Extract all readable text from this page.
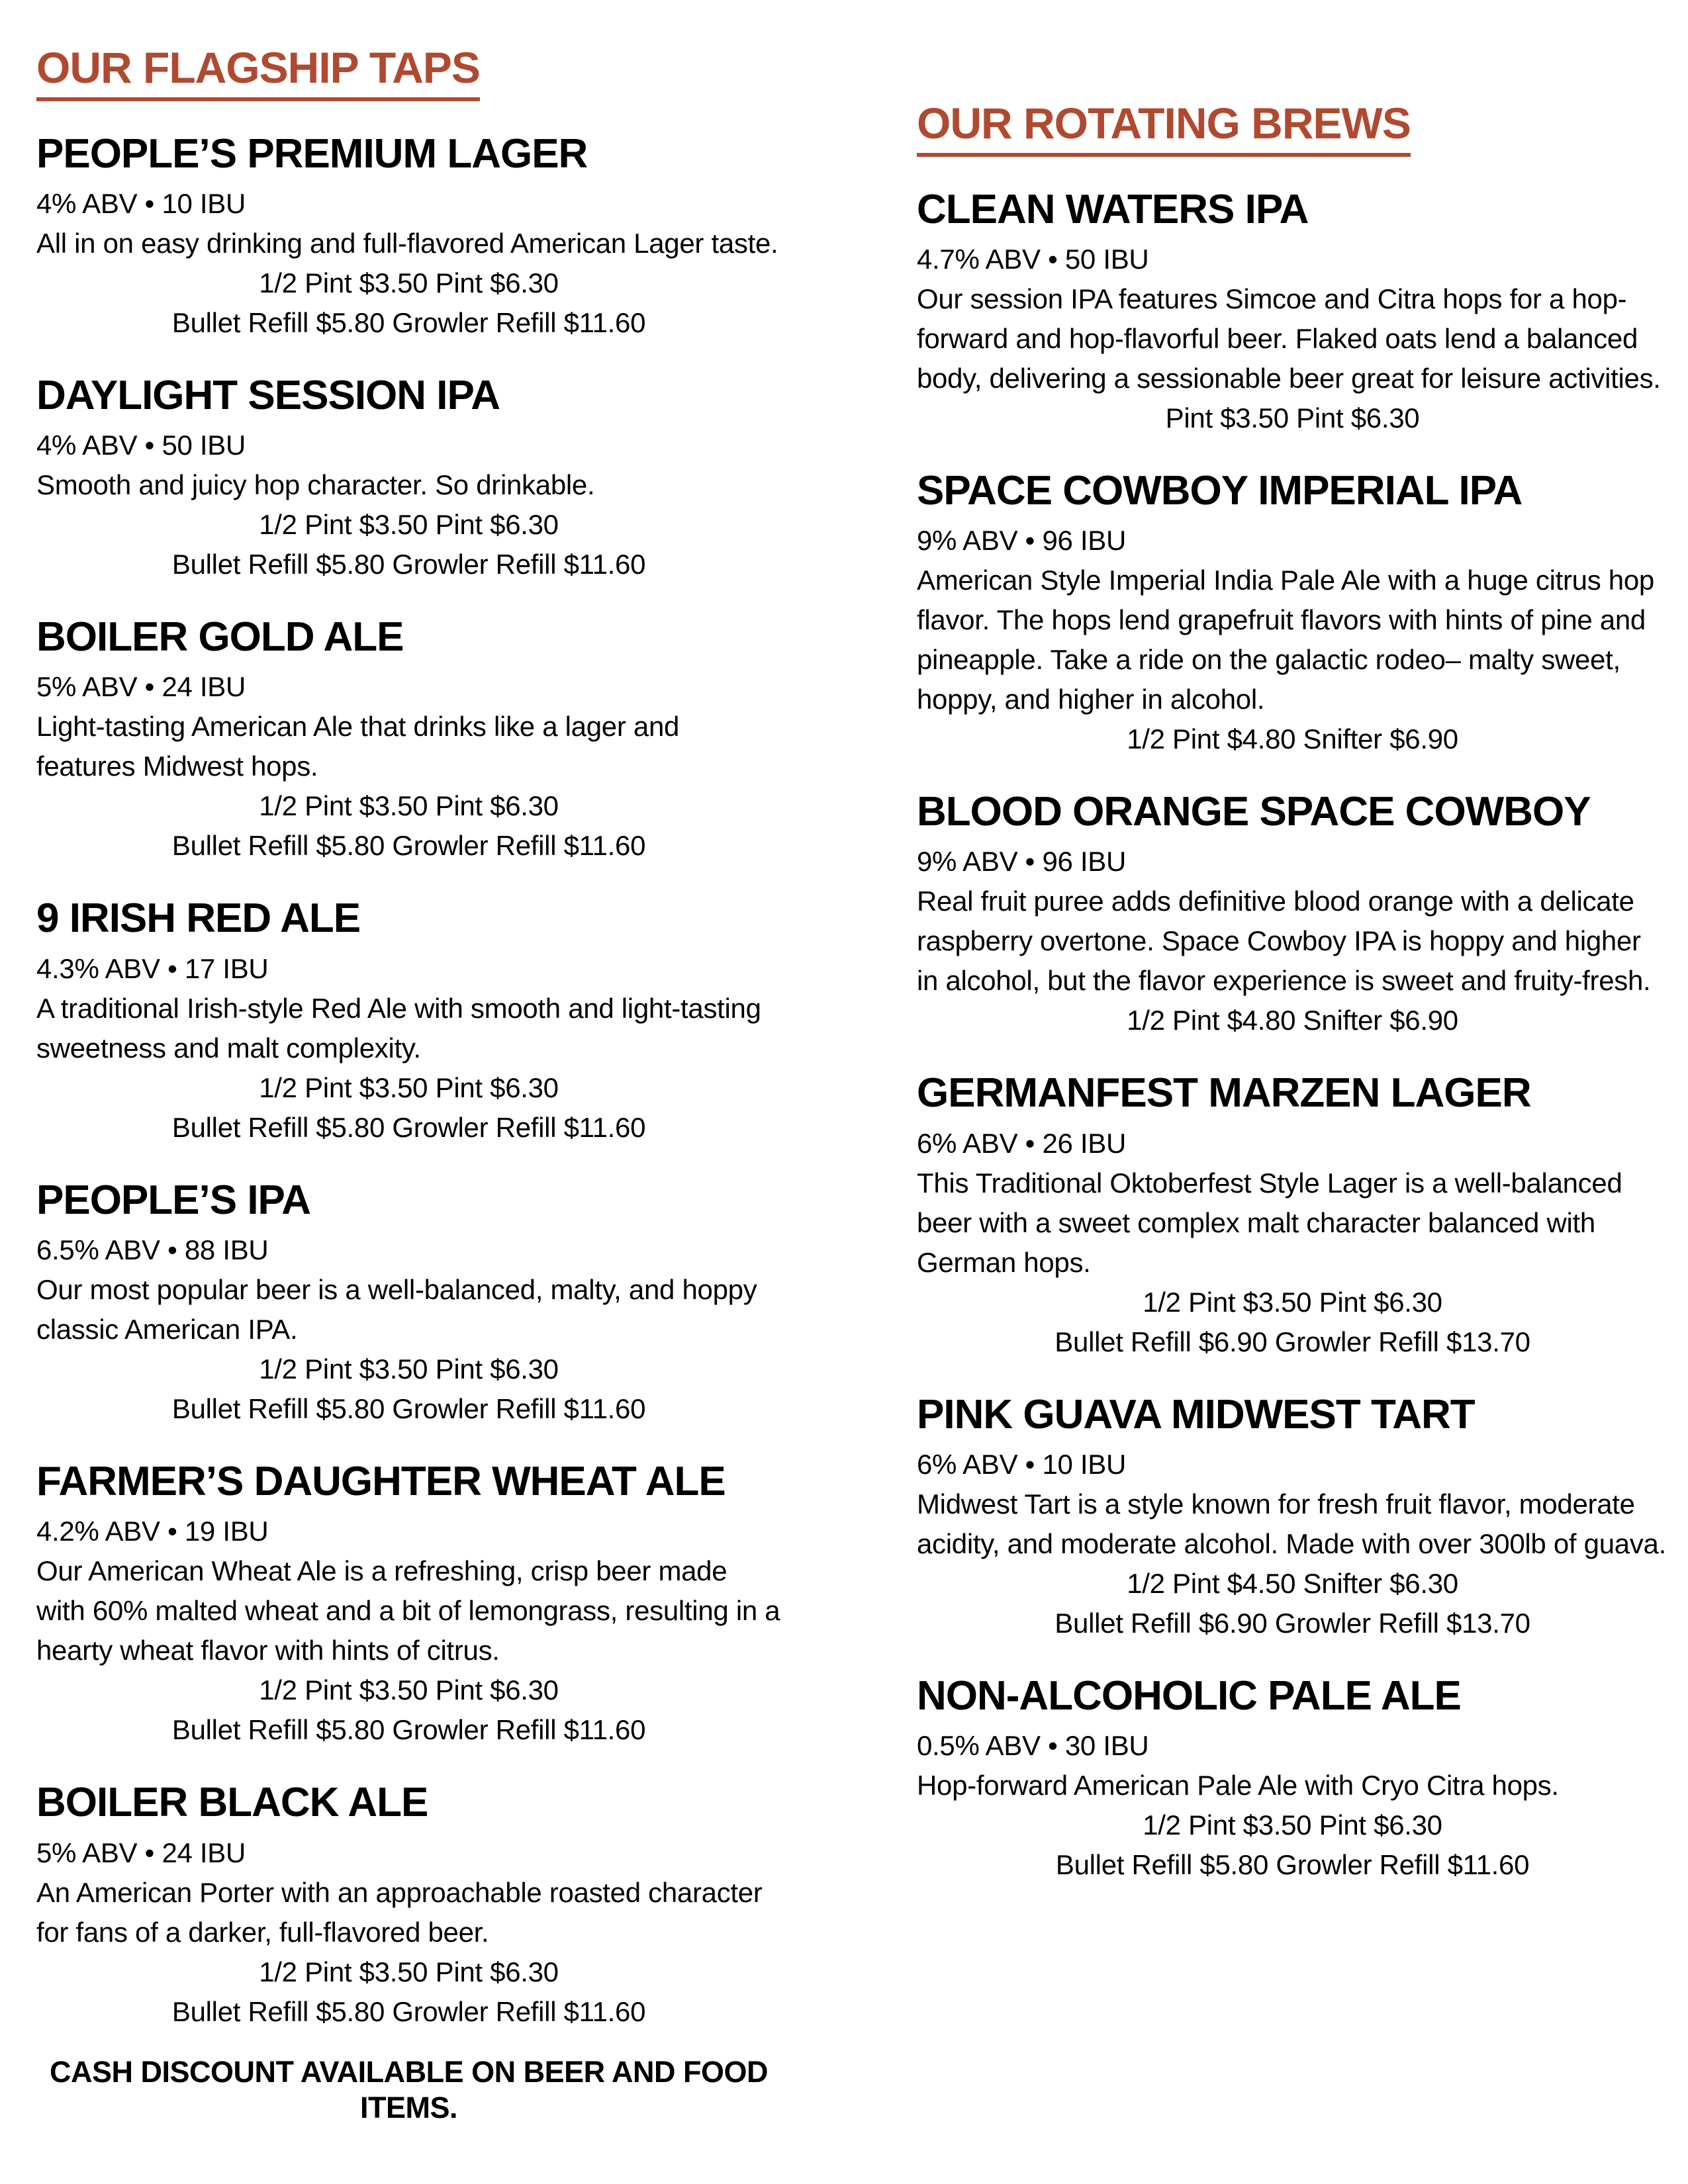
OUR FLAGSHIP TAPS
PEOPLE’S PREMIUM LAGER
4% ABV • 10 IBU
All in on easy drinking and full-flavored American Lager taste.
1/2 Pint $3.50 Pint $6.30
Bullet Refill $5.80 Growler Refill $11.60
DAYLIGHT SESSION IPA
4% ABV • 50 IBU
Smooth and juicy hop character. So drinkable.
1/2 Pint $3.50 Pint $6.30
Bullet Refill $5.80 Growler Refill $11.60
BOILER GOLD ALE
5% ABV • 24 IBU
Light-tasting American Ale that drinks like a lager and features Midwest hops.
1/2 Pint $3.50 Pint $6.30
Bullet Refill $5.80 Growler Refill $11.60
9 IRISH RED ALE
4.3% ABV • 17 IBU
A traditional Irish-style Red Ale with smooth and light-tasting sweetness and malt complexity.
1/2 Pint $3.50 Pint $6.30
Bullet Refill $5.80 Growler Refill $11.60
PEOPLE’S IPA
6.5% ABV • 88 IBU
Our most popular beer is a well-balanced, malty, and hoppy classic American IPA.
1/2 Pint $3.50 Pint $6.30
Bullet Refill $5.80 Growler Refill $11.60
FARMER’S DAUGHTER WHEAT ALE
4.2% ABV • 19 IBU
Our American Wheat Ale is a refreshing, crisp beer made with 60% malted wheat and a bit of lemongrass, resulting in a hearty wheat flavor with hints of citrus.
1/2 Pint $3.50 Pint $6.30
Bullet Refill $5.80 Growler Refill $11.60
BOILER BLACK ALE
5% ABV • 24 IBU
An American Porter with an approachable roasted character for fans of a darker, full-flavored beer.
1/2 Pint $3.50 Pint $6.30
Bullet Refill $5.80 Growler Refill $11.60

CASH DISCOUNT AVAILABLE ON BEER AND FOOD ITEMS.

OUR ROTATING BREWS
CLEAN WATERS IPA
4.7% ABV • 50 IBU
Our session IPA features Simcoe and Citra hops for a hop-forward and hop-flavorful beer. Flaked oats lend a balanced body, delivering a sessionable beer great for leisure activities.
Pint $3.50 Pint $6.30
SPACE COWBOY IMPERIAL IPA
9% ABV • 96 IBU
American Style Imperial India Pale Ale with a huge citrus hop flavor. The hops lend grapefruit flavors with hints of pine and pineapple. Take a ride on the galactic rodeo– malty sweet, hoppy, and higher in alcohol.
1/2 Pint $4.80 Snifter $6.90
BLOOD ORANGE SPACE COWBOY
9% ABV • 96 IBU
Real fruit puree adds definitive blood orange with a delicate raspberry overtone. Space Cowboy IPA is hoppy and higher in alcohol, but the flavor experience is sweet and fruity-fresh.
1/2 Pint $4.80 Snifter $6.90
GERMANFEST MARZEN LAGER
6% ABV • 26 IBU
This Traditional Oktoberfest Style Lager is a well-balanced beer with a sweet complex malt character balanced with German hops.
1/2 Pint $3.50 Pint $6.30
Bullet Refill $6.90 Growler Refill $13.70
PINK GUAVA MIDWEST TART
6% ABV • 10 IBU
Midwest Tart is a style known for fresh fruit flavor, moderate acidity, and moderate alcohol. Made with over 300lb of guava.
1/2 Pint $4.50 Snifter $6.30
Bullet Refill $6.90 Growler Refill $13.70
NON-ALCOHOLIC PALE ALE
0.5% ABV • 30 IBU
Hop-forward American Pale Ale with Cryo Citra hops.
1/2 Pint $3.50 Pint $6.30
Bullet Refill $5.80 Growler Refill $11.60
